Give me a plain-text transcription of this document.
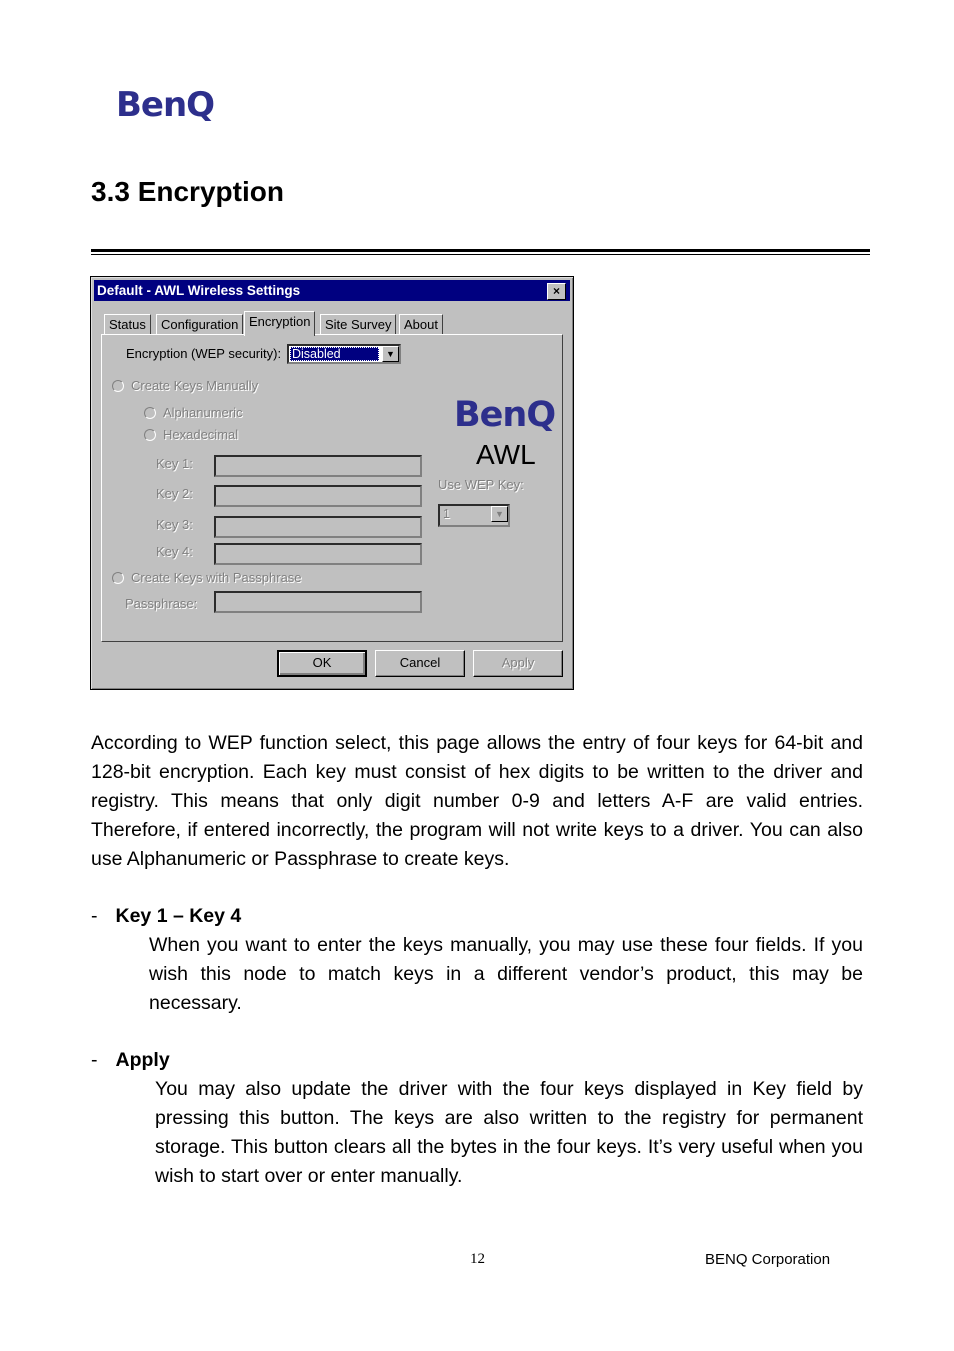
BenQ
3.3 Encryption
Default - AWL Wireless Settings	×
Status	Configuration Encryption	Site Survey About
Encryption (WEP security): Disabled	▼
Create Keys Manually
Alphanumeric
Hexadecimal
Key 1:
Key 2:
Key 3:
Key 4:
Create Keys with Passphrase
Passphrase:
BenQ
AWL
Use WEP Key:
1	▼
OK	Cancel	Apply
According to WEP function select, this page allows the entry of four keys for 64-bit and 128-bit encryption. Each key must consist of hex digits to be written to the driver and registry. This means that only digit number 0-9 and letters A-F are valid entries. Therefore, if entered incorrectly, the program will not write keys to a driver. You can also use Alphanumeric or Passphrase to create keys.
- Key 1 – Key 4
When you want to enter the keys manually, you may use these four fields. If you wish this node to match keys in a different vendor’s product, this may be necessary.
- Apply
You may also update the driver with the four keys displayed in Key field by pressing this button. The keys are also written to the registry for permanent storage. This button clears all the bytes in the four keys. It’s very useful when you wish to start over or enter manually.
12	BENQ Corporation
